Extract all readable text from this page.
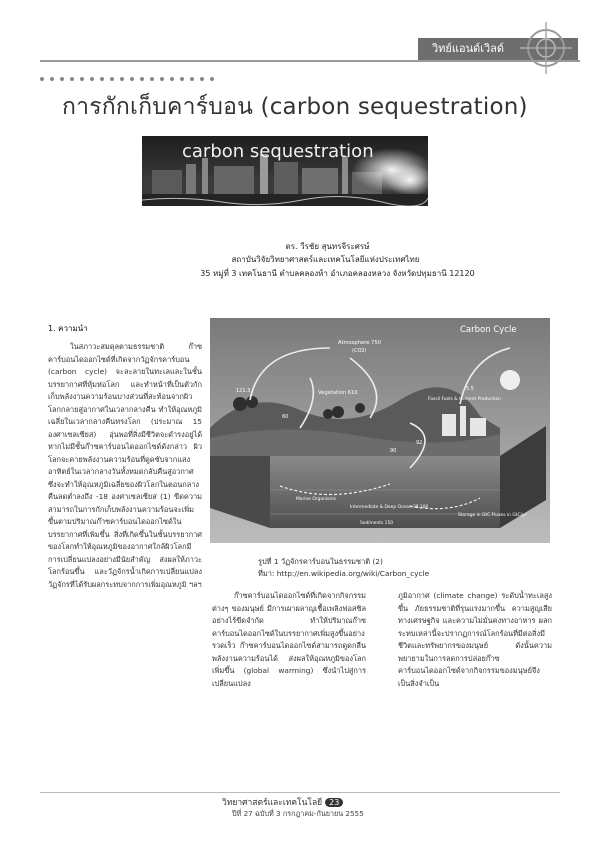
วิทย์แอนด์เวิลด์
การกักเก็บคาร์บอน (carbon sequestration)
carbon sequestration
ดร. วีรชัย สุนทรจีระศรษ์
สถาบันวิจัยวิทยาศาสตร์และเทคโนโลยีแห่งประเทศไทย
35 หมู่ที่ 3 เทคโนธานี ตำบลคลองห้า อำเภอคลองหลวง จังหวัดปทุมธานี 12120
1. ความนำ
ในสภาวะสมดุลตามธรรมชาติ ก๊าซคาร์บอนไดออกไซด์ที่เกิดจากวัฏจักรคาร์บอน (carbon cycle) จะละลายในทะเลและในชั้นบรรยากาศที่หุ้มห่อโลก และทำหน้าที่เป็นตัวกักเก็บพลังงานความร้อนบางส่วนที่สะท้อนจากผิวโลกกลายสู่อากาศในเวลากลางคืน ทำให้อุณหภูมิเฉลี่ยในเวลากลางคืนทรงโลก (ประมาณ 15 องศาเซลเซียส) อุ่นพอที่สิ่งมีชีวิตจะดำรงอยู่ได้ หากไม่มีชั้นก๊าซคาร์บอนไดออกไซด์ดังกล่าว ผิวโลกจะคายพลังงานความร้อนที่ดูดซับจากแสงอาทิตย์ในเวลากลางวันทั้งหมดกลับคืนสู่อวกาศ ซึ่งจะทำให้อุณหภูมิเฉลี่ยของผิวโลกในตอนกลางคืนลดต่ำลงถึง -18 องศาเซลเซียส (1) ขีดความสามารถในการกักเก็บพลังงานความร้อนจะเพิ่มขึ้นตามปริมาณก๊าซคาร์บอนไดออกไซด์ในบรรยากาศที่เพิ่มขึ้น สิ่งที่เกิดขึ้นในชั้นบรรยากาศของโลกทำให้อุณหภูมิของอากาศใกล้ผิวโลกมีการเปลี่ยนแปลงอย่างมีนัยสำคัญ ส่งผลให้ภาวะโลกร้อนขึ้น และวัฏจักรน้ำเกิดการเปลี่ยนแปลง วัฏจักรที่ได้รับผลกระทบจากการเพิ่มอุณหภูมิ ฯลฯ
Carbon Cycle
Atmosphere 750
(CO2)
Vegetation 610
Fossil Fuels & Cement Production
Storage in GtC Fluxes in GtC/yr
Marine Organisms
Intermediate & Deep Ocean 38,100
Sediments 150
121.3	5.5
92
90
60
รูปที่ 1 วัฏจักรคาร์บอนในธรรมชาติ (2)
ที่มา: http://en.wikipedia.org/wiki/Carbon_cycle
ก๊าซคาร์บอนไดออกไซด์ที่เกิดจากกิจกรรมต่างๆ ของมนุษย์ มีการเผาผลาญเชื้อเพลิงฟอสซิลอย่างไร้ขีดจำกัด ทำให้ปริมาณก๊าซคาร์บอนไดออกไซด์ในบรรยากาศเพิ่มสูงขึ้นอย่างรวดเร็ว ก๊าซคาร์บอนไดออกไซด์สามารถดูดกลืนพลังงานความร้อนได้ ส่งผลให้อุณหภูมิของโลกเพิ่มขึ้น (global warming) ซึ่งนำไปสู่การเปลี่ยนแปลง
ภูมิอากาศ (climate change) ระดับน้ำทะเลสูงขึ้น ภัยธรรมชาติที่รุนแรงมากขึ้น ความสูญเสียทางเศรษฐกิจ และความไม่มั่นคงทางอาหาร ผลกระทบเหล่านี้จะปรากฏการณ์โลกร้อนที่มีต่อสิ่งมีชีวิตและทรัพยากรของมนุษย์ ดังนั้นความพยายามในการลดการปล่อยก๊าซคาร์บอนไดออกไซด์จากกิจกรรมของมนุษย์จึงเป็นสิ่งจำเป็น
วิทยาศาสตร์และเทคโนโลยี 23
ปีที่ 27 ฉบับที่ 3 กรกฎาคม-กันยายน 2555
